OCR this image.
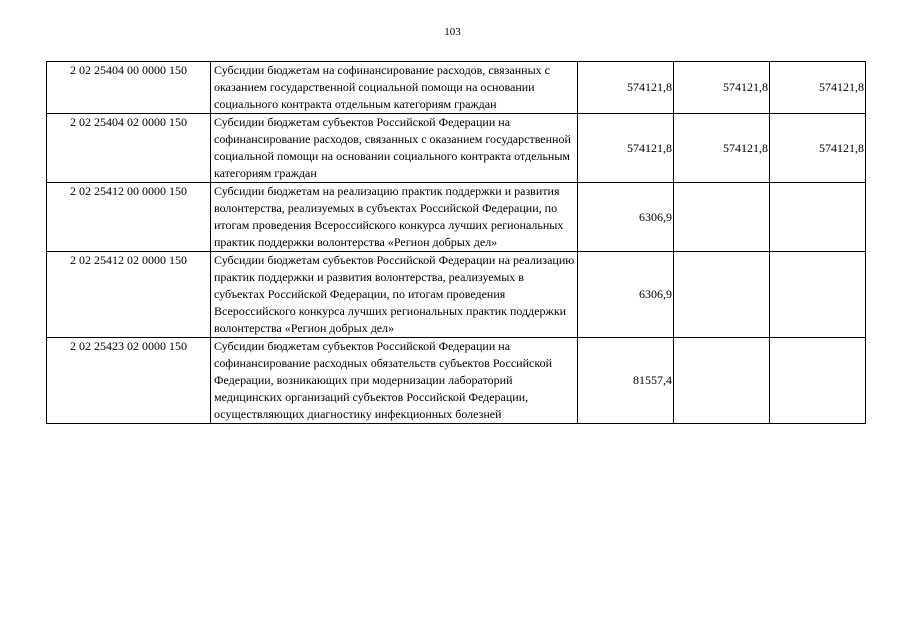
103
2 02 25404 00 0000 150	Субсидии бюджетам на софинансирование расходов, связанных с оказанием государственной социальной помощи на основании социального контракта отдельным категориям граждан	574121,8	574121,8	574121,8
2 02 25404 02 0000 150	Субсидии бюджетам субъектов Российской Федерации на софинансирование расходов, связанных с оказанием государственной социальной помощи на основании социального контракта отдельным категориям граждан	574121,8	574121,8	574121,8
2 02 25412 00 0000 150	Субсидии бюджетам на реализацию практик поддержки и развития волонтерства, реализуемых в субъектах Российской Федерации, по итогам проведения Всероссийского конкурса лучших региональных практик поддержки волонтерства «Регион добрых дел»	6306,9		
2 02 25412 02 0000 150	Субсидии бюджетам субъектов Российской Федерации на реализацию практик поддержки и развития волонтерства, реализуемых в субъектах Российской Федерации, по итогам проведения Всероссийского конкурса лучших региональных практик поддержки волонтерства «Регион добрых дел»	6306,9		
2 02 25423 02 0000 150	Субсидии бюджетам субъектов Российской Федерации на софинансирование расходных обязательств субъектов Российской Федерации, возникающих при модернизации лабораторий медицинских организаций субъектов Российской Федерации, осуществляющих диагностику инфекционных болезней	81557,4		
